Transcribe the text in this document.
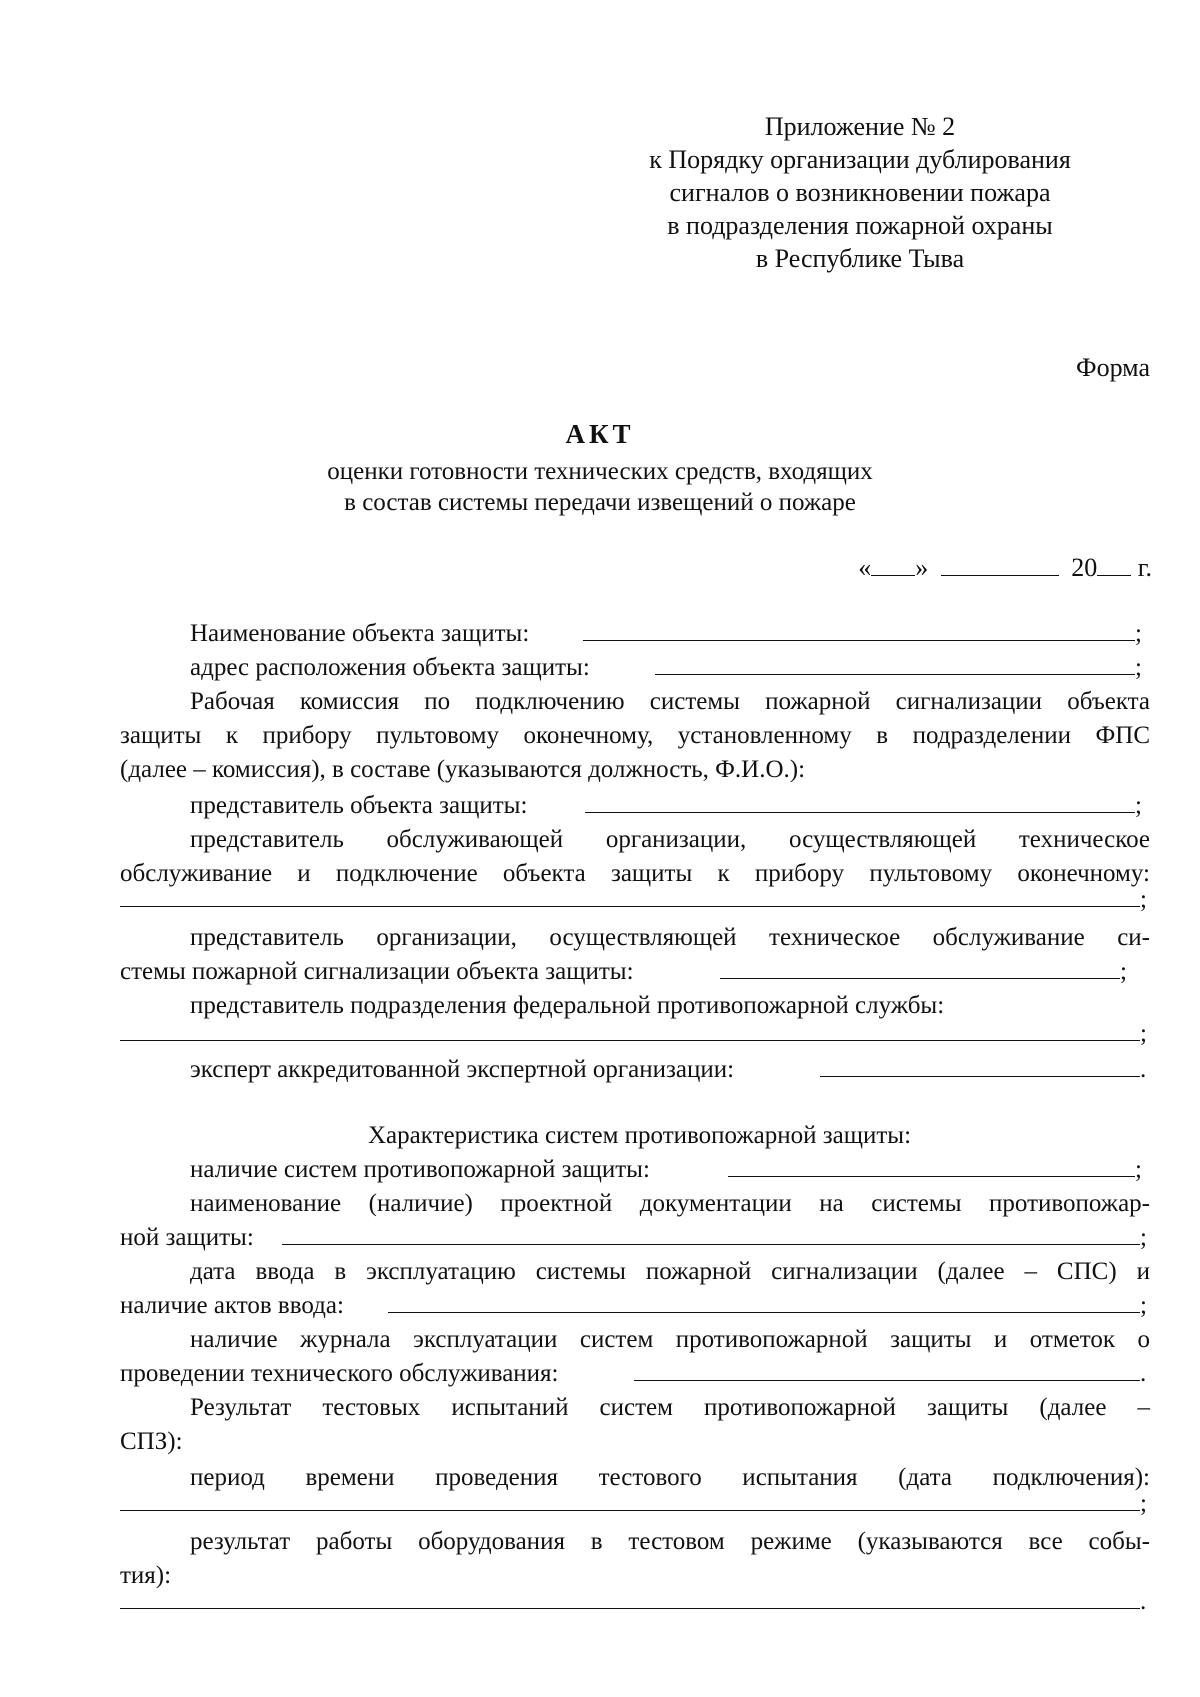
Приложение № 2
к Порядку организации дублирования
сигналов о возникновении пожара
в подразделения пожарной охраны
в Республике Тыва
Форма
АКТ
оценки готовности технических средств, входящих
в состав системы передачи извещений о пожаре
« »	20 г.
Наименование объекта защиты:	;
адрес расположения объекта защиты:	;
Рабочая комиссия по подключению системы пожарной сигнализации объекта
защиты к прибору пультовому оконечному, установленному в подразделении ФПС
(далее – комиссия), в составе (указываются должность, Ф.И.О.):
представитель объекта защиты:	;
представитель обслуживающей организации, осуществляющей техническое
обслуживание и подключение объекта защиты к прибору пультовому оконечному:
;
представитель организации, осуществляющей техническое обслуживание си-
стемы пожарной сигнализации объекта защиты:	;
представитель подразделения федеральной противопожарной службы:
;
эксперт аккредитованной экспертной организации:	.
Характеристика систем противопожарной защиты:
наличие систем противопожарной защиты:	;
наименование (наличие) проектной документации на системы противопожар-
ной защиты:	;
дата ввода в эксплуатацию системы пожарной сигнализации (далее – СПС) и
наличие актов ввода:	;
наличие журнала эксплуатации систем противопожарной защиты и отметок о
проведении технического обслуживания:	.
Результат тестовых испытаний систем противопожарной защиты (далее –
СПЗ):
период времени проведения тестового испытания (дата подключения):
;
результат работы оборудования в тестовом режиме (указываются все собы-
тия):
.
